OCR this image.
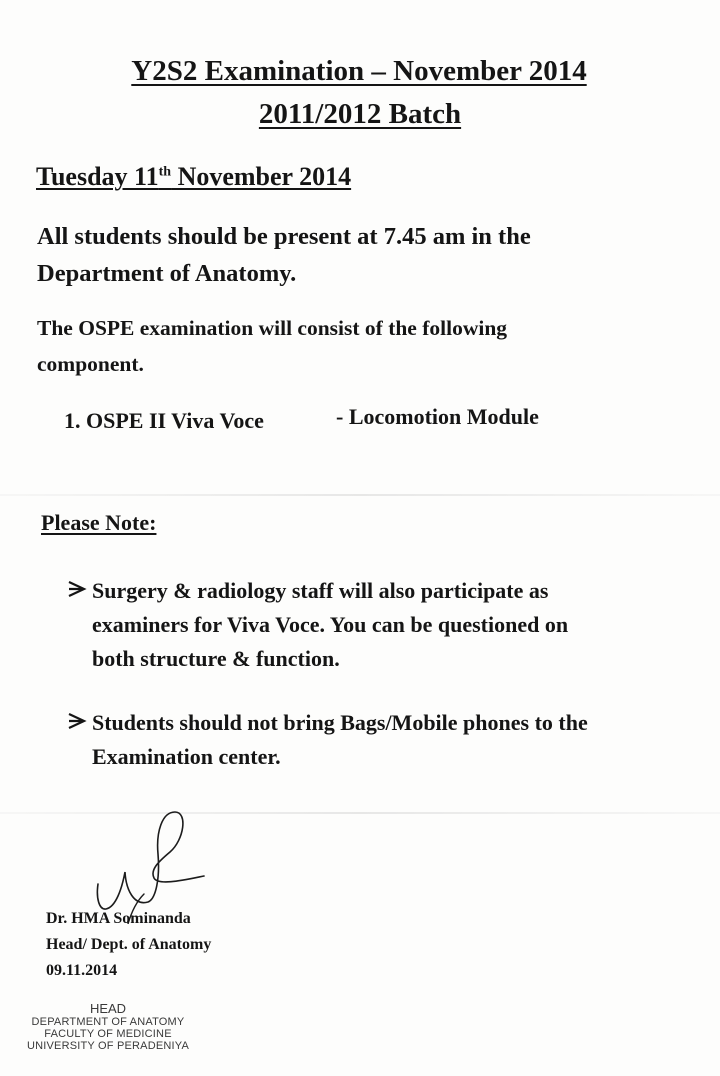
Y2S2 Examination – November 2014
2011/2012 Batch
Tuesday 11th November 2014

All students should be present at 7.45 am in the
Department of Anatomy.

The OSPE examination will consist of the following
component.

1. OSPE II Viva Voce	- Locomotion Module
Please Note:
Surgery & radiology staff will also participate as
examiners for Viva Voce. You can be questioned on
both structure & function.
Students should not bring Bags/Mobile phones to the
Examination center.
Dr. HMA Sominanda
Head/ Dept. of Anatomy
09.11.2014
HEAD
DEPARTMENT OF ANATOMY
FACULTY OF MEDICINE
UNIVERSITY OF PERADENIYA
